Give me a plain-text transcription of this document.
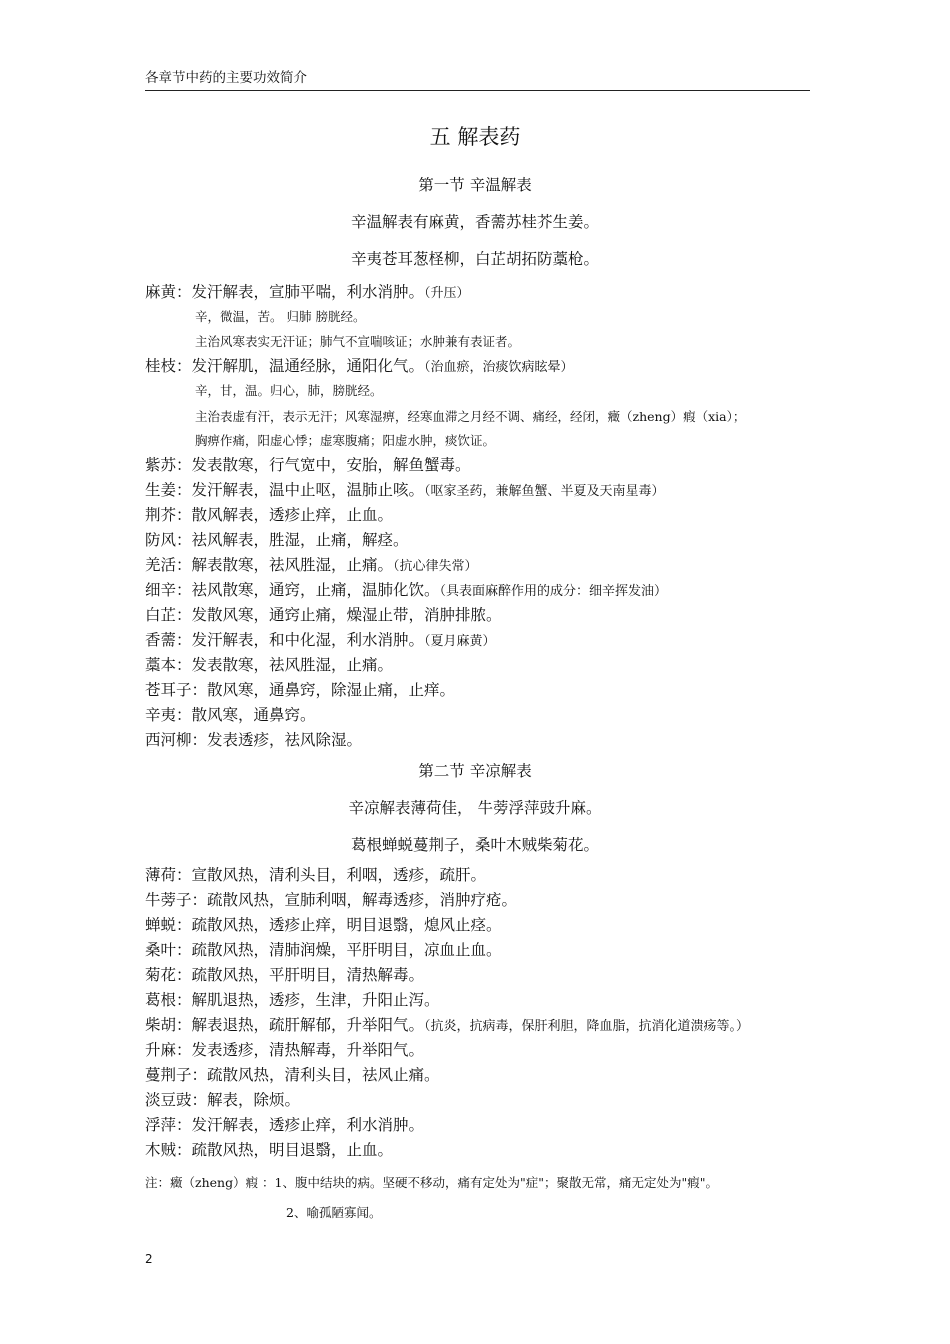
各章节中药的主要功效简介
五 解表药
第一节 辛温解表
辛温解表有麻黄，香薷苏桂芥生姜。
辛夷苍耳葱柽柳，白芷胡拓防藁枪。
麻黄：发汗解表，宣肺平喘，利水消肿。（升压）
辛，微温，苦。 归肺 膀胱经。
主治风寒表实无汗证；肺气不宣喘咳证；水肿兼有表证者。
桂枝：发汗解肌，温通经脉，通阳化气。（治血瘀，治痰饮病眩晕）
辛，甘，温。归心，肺，膀胱经。
主治表虚有汗，表示无汗；风寒湿痹，经寒血滞之月经不调、痛经，经闭，癥（zheng）瘕（xia）；
胸痹作痛，阳虚心悸；虚寒腹痛；阳虚水肿，痰饮证。
紫苏：发表散寒，行气宽中，安胎，解鱼蟹毒。
生姜：发汗解表，温中止呕，温肺止咳。（呕家圣药，兼解鱼蟹、半夏及天南星毒）
荆芥：散风解表，透疹止痒，止血。
防风：祛风解表，胜湿，止痛，解痉。
羌活：解表散寒，祛风胜湿，止痛。（抗心律失常）
细辛：祛风散寒，通窍，止痛，温肺化饮。（具表面麻醉作用的成分：细辛挥发油）
白芷：发散风寒，通窍止痛，燥湿止带，消肿排脓。
香薷：发汗解表，和中化湿，利水消肿。（夏月麻黄）
藁本：发表散寒，祛风胜湿，止痛。
苍耳子：散风寒，通鼻窍，除湿止痛，止痒。
辛夷：散风寒，通鼻窍。
西河柳：发表透疹，祛风除湿。
第二节 辛凉解表
辛凉解表薄荷佳， 牛蒡浮萍豉升麻。
葛根蝉蜕蔓荆子，桑叶木贼柴菊花。
薄荷：宣散风热，清利头目，利咽，透疹，疏肝。
牛蒡子：疏散风热，宣肺利咽，解毒透疹，消肿疗疮。
蝉蜕：疏散风热，透疹止痒，明目退翳，熄风止痉。
桑叶：疏散风热，清肺润燥，平肝明目，凉血止血。
菊花：疏散风热，平肝明目，清热解毒。
葛根：解肌退热，透疹，生津，升阳止泻。
柴胡：解表退热，疏肝解郁，升举阳气。（抗炎，抗病毒，保肝利胆，降血脂，抗消化道溃疡等。）
升麻：发表透疹，清热解毒，升举阳气。
蔓荆子：疏散风热，清利头目，祛风止痛。
淡豆豉：解表，除烦。
浮萍：发汗解表，透疹止痒，利水消肿。
木贼：疏散风热，明目退翳，止血。
注：癥（zheng）瘕 ：1、腹中结块的病。坚硬不移动，痛有定处为"症"；聚散无常，痛无定处为"瘕"。
2、喻孤陋寡闻。
2
